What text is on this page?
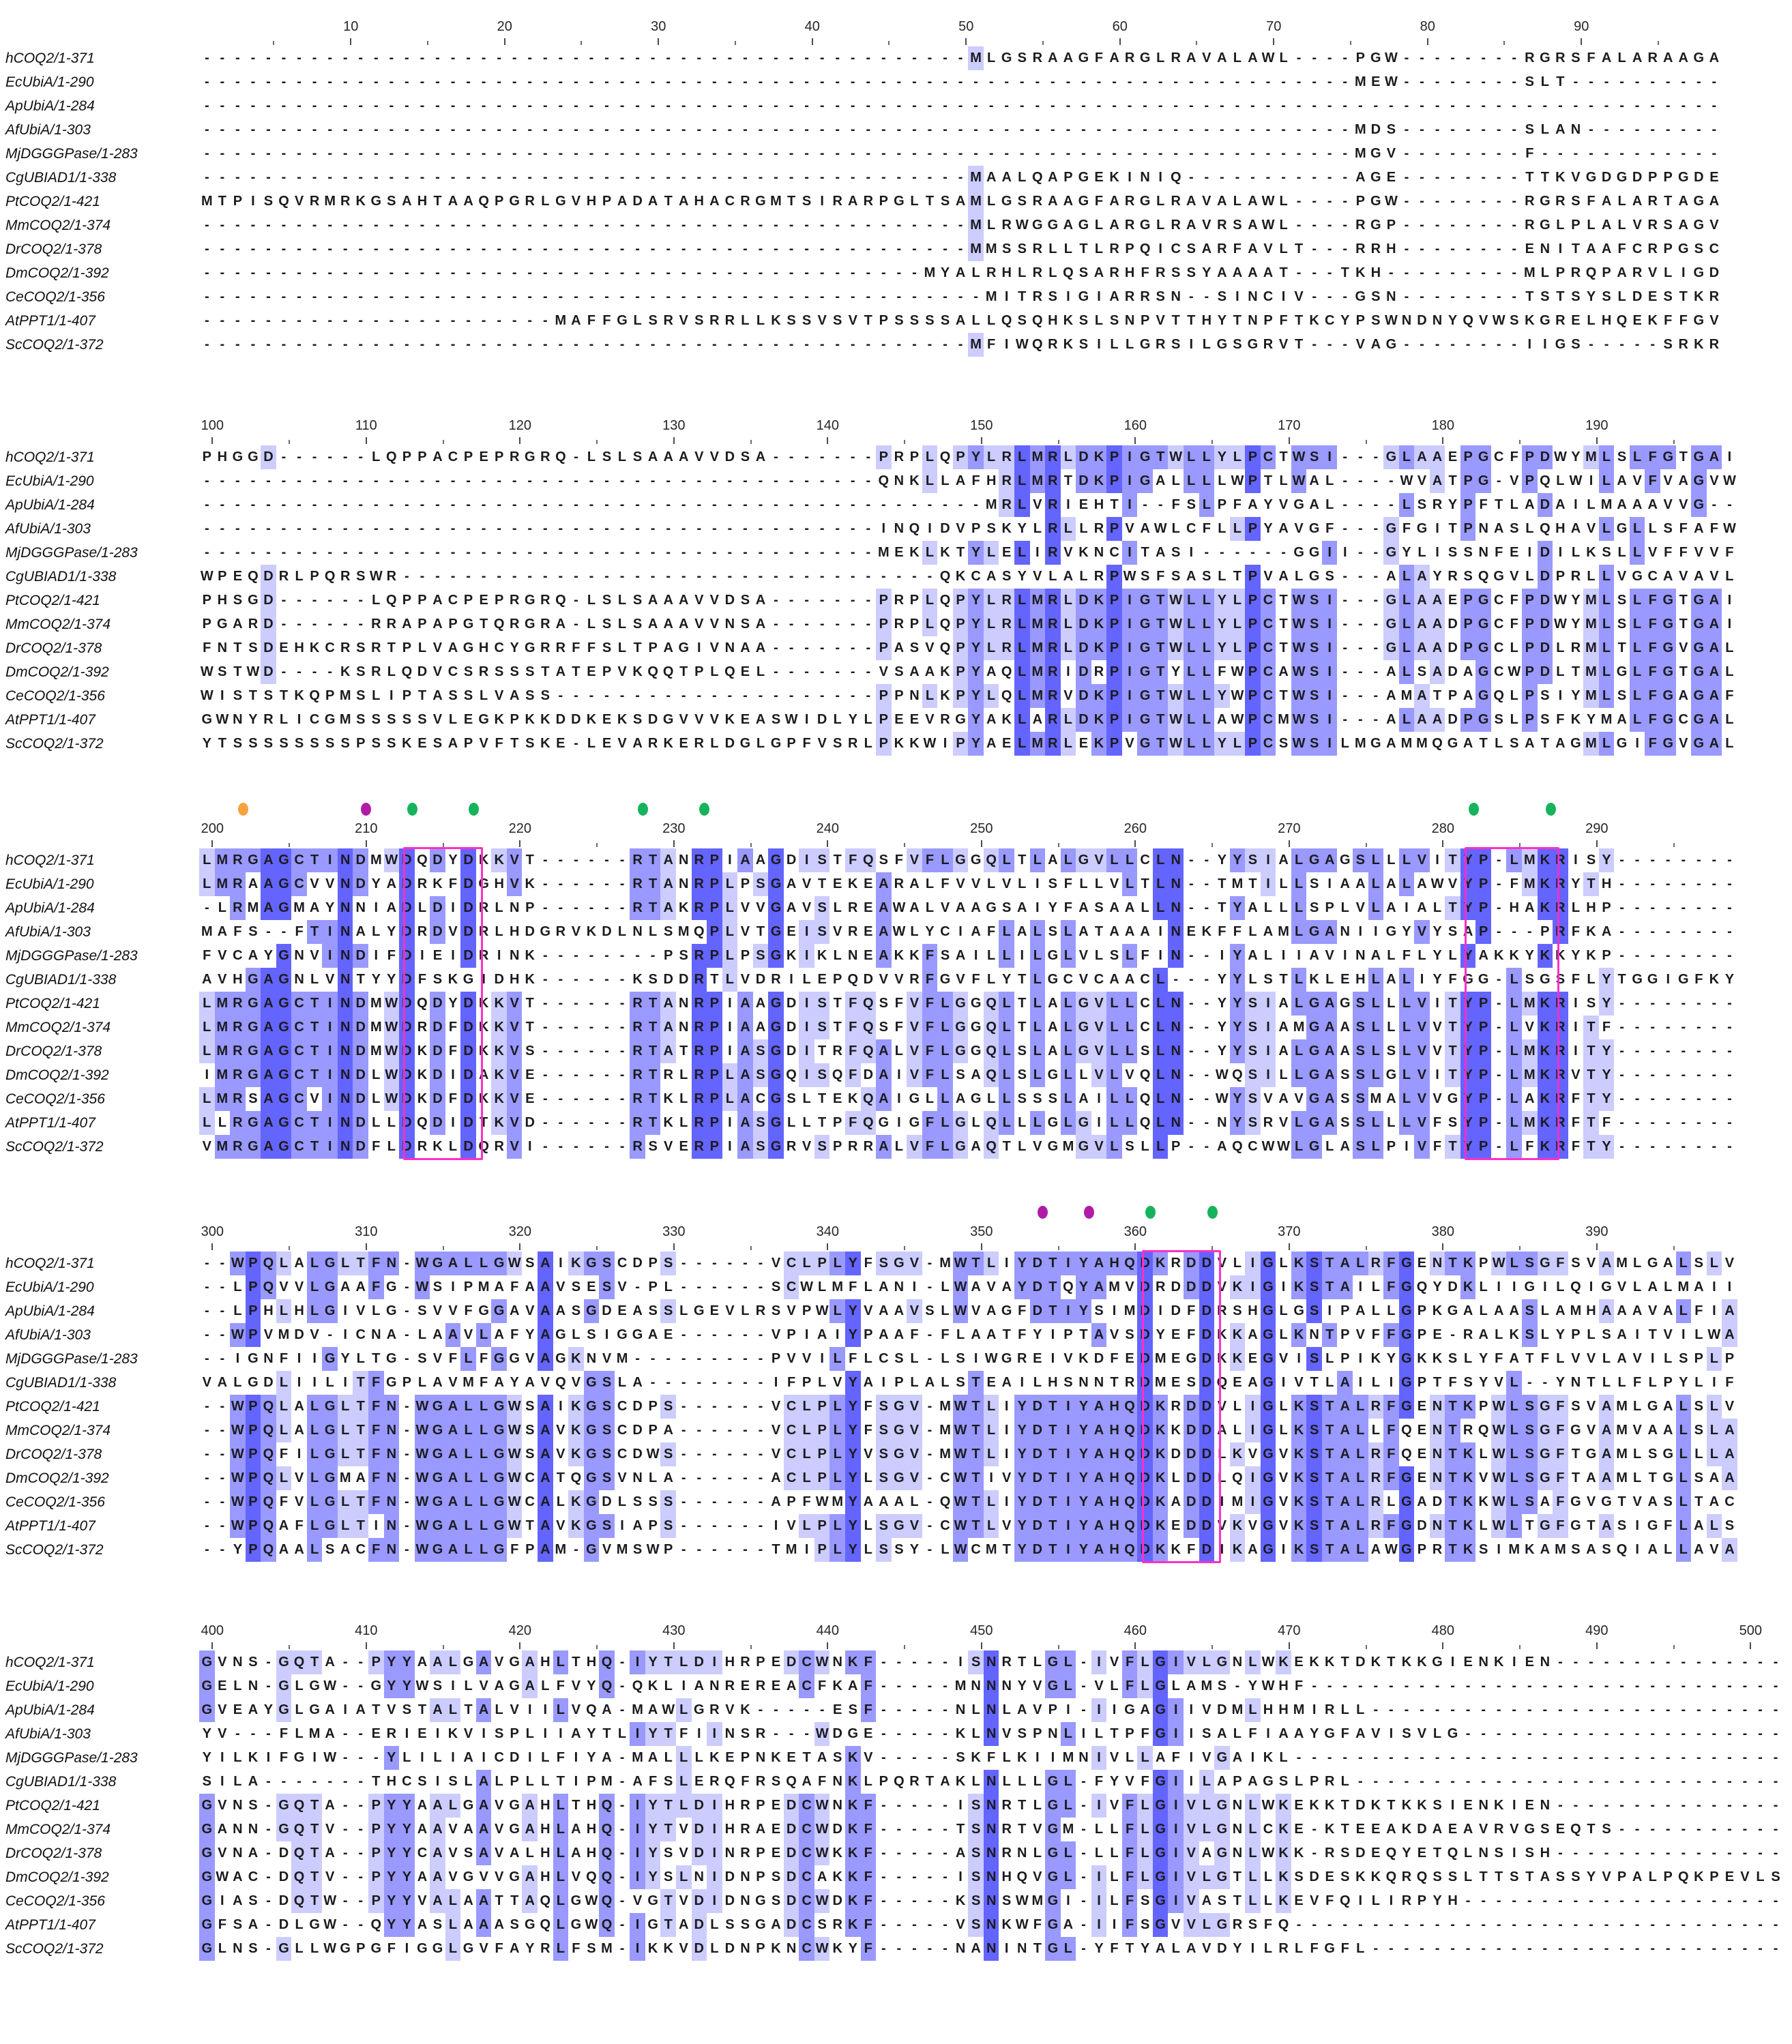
10	20	30	40	50	60	70	80	90
hCOQ2/1-371	- - - - - - - - - - - - - - - - - - - - - - - - - - - - - - - - - - - - - - - - - - - - - - - - - - M L G S R A A G F A R G L R A V A L A W L - - - - P G W - - - - - - - - R G R S F A L A R A A G A
EcUbiA/1-290	- - - - - - - - - - - - - - - - - - - - - - - - - - - - - - - - - - - - - - - - - - - - - - - - - - - - - - - - - - - - - - - - - - - - - - - - - - - M E W - - - - - - - - S L T - - - - - - - - - -
ApUbiA/1-284	- - - - - - - - - - - - - - - - - - - - - - - - - - - - - - - - - - - - - - - - - - - - - - - - - - - - - - - - - - - - - - - - - - - - - - - - - - - - - - - - - - - - - - - - - - - - - - - - - - -
AfUbiA/1-303	- - - - - - - - - - - - - - - - - - - - - - - - - - - - - - - - - - - - - - - - - - - - - - - - - - - - - - - - - - - - - - - - - - - - - - - - - - - M D S - - - - - - - - S L A N - - - - - - - - -
MjDGGGPase/1-283	- - - - - - - - - - - - - - - - - - - - - - - - - - - - - - - - - - - - - - - - - - - - - - - - - - - - - - - - - - - - - - - - - - - - - - - - - - - M G V - - - - - - - - F - - - - - - - - - - - -
CgUBIAD1/1-338	- - - - - - - - - - - - - - - - - - - - - - - - - - - - - - - - - - - - - - - - - - - - - - - - - - M A A L Q A P G E K I N I Q - - - - - - - - - - - A G E - - - - - - - - T T K V G D G D P P G D E
PtCOQ2/1-421	M T P I S Q V R M R K G S A H T A A Q P G R L G V H P A D A T A H A C R G M T S I R A R P G L T S A M L G S R A A G F A R G L R A V A L A W L - - - - P G W - - - - - - - - R G R S F A L A R T A G A
MmCOQ2/1-374	- - - - - - - - - - - - - - - - - - - - - - - - - - - - - - - - - - - - - - - - - - - - - - - - - - M L R W G G A G L A R G L R A V R S A W L - - - - R G P - - - - - - - - R G L P L A L V R S A G V
DrCOQ2/1-378	- - - - - - - - - - - - - - - - - - - - - - - - - - - - - - - - - - - - - - - - - - - - - - - - - - M M S S R L L T L R P Q I C S A R F A V L T - - - R R H - - - - - - - - E N I T A A F C R P G S C
DmCOQ2/1-392	- - - - - - - - - - - - - - - - - - - - - - - - - - - - - - - - - - - - - - - - - - - - - - - M Y A L R H L R L Q S A R H F R S S Y A A A A T - - - T K H - - - - - - - - - M L P R Q P A R V L I G D
CeCOQ2/1-356	- - - - - - - - - - - - - - - - - - - - - - - - - - - - - - - - - - - - - - - - - - - - - - - - - - - M I T R S I G I A R R S N - - S I N C I V - - - G S N - - - - - - - - T S T S Y S L D E S T K R
AtPPT1/1-407	- - - - - - - - - - - - - - - - - - - - - - - M A F F G L S R V S R R L L K S S V S V T P S S S S A L L Q S Q H K S L S N P V T T H Y T N P F T K C Y P S W N D N Y Q V W S K G R E L H Q E K F F G V
ScCOQ2/1-372	- - - - - - - - - - - - - - - - - - - - - - - - - - - - - - - - - - - - - - - - - - - - - - - - - - M F I W Q R K S I L L G R S I L G S G R V T - - - V A G - - - - - - - - I I G S - - - - - S R K R
100	110	120	130	140	150	160	170	180	190
hCOQ2/1-371	P H G G D - - - - - - L Q P P A C P E P R G R Q - L S L S A A A V V D S A - - - - - - - P R P L Q P Y L R L M R L D K P I G T W L L Y L P C T W S I - - - G L A A E P G C F P D W Y M L S L F G T G A I
EcUbiA/1-290	- - - - - - - - - - - - - - - - - - - - - - - - - - - - - - - - - - - - - - - - - - - - Q N K L L A F H R L M R T D K P I G A L L L L W P T L W A L - - - - W V A T P G - V P Q L W I L A V F V A G V W
ApUbiA/1-284	- - - - - - - - - - - - - - - - - - - - - - - - - - - - - - - - - - - - - - - - - - - - - - - - - - - M R L V R I E H T I - - F S L P F A Y V G A L - - - - L S R Y P F T L A D A I L M A A A V V G - -
AfUbiA/1-303	- - - - - - - - - - - - - - - - - - - - - - - - - - - - - - - - - - - - - - - - - - - - I N Q I D V P S K Y L R L L R P V A W L C F L L P Y A V G F - - - G F G I T P N A S L Q H A V L G L L S F A F W
MjDGGGPase/1-283	- - - - - - - - - - - - - - - - - - - - - - - - - - - - - - - - - - - - - - - - - - - - M E K L K T Y L E L I R V K N C I T A S I - - - - - - G G I I - - G Y L I S S N F E I D I L K S L L V F F V V F
CgUBIAD1/1-338	W P E Q D R L P Q R S W R - - - - - - - - - - - - - - - - - - - - - - - - - - - - - - - - - - - Q K C A S Y V L A L R P W S F S A S L T P V A L G S - - - A L A Y R S Q G V L D P R L L V G C A V A V L
PtCOQ2/1-421	P H S G D - - - - - - L Q P P A C P E P R G R Q - L S L S A A A V V D S A - - - - - - - P R P L Q P Y L R L M R L D K P I G T W L L Y L P C T W S I - - - G L A A E P G C F P D W Y M L S L F G T G A I
MmCOQ2/1-374	P G A R D - - - - - - R R A P A P G T Q R G R A - L S L S A A A V V N S A - - - - - - - P R P L Q P Y L R L M R L D K P I G T W L L Y L P C T W S I - - - G L A A D P G C F P D W Y M L S L F G T G A I
DrCOQ2/1-378	F N T S D E H K C R S R T P L V A G H C Y G R R F F S L T P A G I V N A A - - - - - - - P A S V Q P Y L R L M R L D K P I G T W L L Y L P C T W S I - - - G L A A D P G C L P D L R M L T L F G V G A L
DmCOQ2/1-392	W S T W D - - - - K S R L Q D V C S R S S S T A T E P V K Q Q T P L Q E L - - - - - - - V S A A K P Y A Q L M R I D R P I G T Y L L F W P C A W S I - - - A L S A D A G C W P D L T M L G L F G T G A L
CeCOQ2/1-356	W I S T S T K Q P M S L I P T A S S L V A S S - - - - - - - - - - - - - - - - - - - - - P P N L K P Y L Q L M R V D K P I G T W L L Y W P C T W S I - - - A M A T P A G Q L P S I Y M L S L F G A G A F
AtPPT1/1-407	G W N Y R L I C G M S S S S S V L E G K P K K D D K E K S D G V V V K E A S W I D L Y L P E E V R G Y A K L A R L D K P I G T W L L A W P C M W S I - - - A L A A D P G S L P S F K Y M A L F G C G A L
ScCOQ2/1-372	Y T S S S S S S S S P S S K E S A P V F T S K E - L E V A R K E R L D G L G P F V S R L P K K W I P Y A E L M R L E K P V G T W L L Y L P C S W S I L M G A M M Q G A T L S A T A G M L G I F G V G A L
200	210	220	230	240	250	260	270	280	290
hCOQ2/1-371	L M R G A G C T I N D M W D Q D Y D K K V T - - - - - - R T A N R P I A A G D I S T F Q S F V F L G G Q L T L A L G V L L C L N - - Y Y S I A L G A G S L L L V I T Y P - L M K R I S Y - - - - - - - -
EcUbiA/1-290	L M R A A G C V V N D Y A D R K F D G H V K - - - - - - R T A N R P L P S G A V T E K E A R A L F V V L V L I S F L L V L T L N - - T M T I L L S I A A L A L A W V Y P - F M K R Y T H - - - - - - - -
ApUbiA/1-284	- L R M A G M A Y N N I A D L D I D R L N P - - - - - - R T A K R P L V V G A V S L R E A W A L V A A G S A I Y F A S A A L L N - - T Y A L L L S P L V L A I A L T Y P - H A K R L H P - - - - - - - -
AfUbiA/1-303	M A F S - - F T I N A L Y D R D V D R L H D G R V K D L N L S M Q P L V T G E I S V R E A W L Y C I A F L A L S L A T A A A I N E K F F L A M L G A N I I G Y V Y S A P - - - P R F K A - - - - - - - -
MjDGGGPase/1-283	F V C A Y G N V I N D I F D I E I D R I N K - - - - - - - - P S R P L P S G K I K L N E A K K F S A I L L I L G L V L S L F I N - - I Y A L I I A V I N A L F L Y L Y A K K Y K K Y K P - - - - - - - -
CgUBIAD1/1-338	A V H G A G N L V N T Y Y D F S K G I D H K - - - - - - K S D D R T L V D R I L E P Q D V V R F G V F L Y T L G C V C A A C L - - - Y Y L S T L K L E H L A L I Y F G G - L S G S F L Y T G G I G F K Y
PtCOQ2/1-421	L M R G A G C T I N D M W D Q D Y D K K V T - - - - - - R T A N R P I A A G D I S T F Q S F V F L G G Q L T L A L G V L L C L N - - Y Y S I A L G A G S L L L V I T Y P - L M K R I S Y - - - - - - - -
MmCOQ2/1-374	L M R G A G C T I N D M W D R D F D K K V T - - - - - - R T A N R P I A A G D I S T F Q S F V F L G G Q L T L A L G V L L C L N - - Y Y S I A M G A A S L L L V V T Y P - L V K R I T F - - - - - - - -
DrCOQ2/1-378	L M R G A G C T I N D M W D K D F D K K V S - - - - - - R T A T R P I A S G D I T R F Q A L V F L G G Q L S L A L G V L L S L N - - Y Y S I A L G A A S L S L V V T Y P - L M K R I T Y - - - - - - - -
DmCOQ2/1-392	I M R G A G C T I N D L W D K D I D A K V E - - - - - - R T R L R P L A S G Q I S Q F D A I V F L S A Q L S L G L L V L V Q L N - - W Q S I L L G A S S L G L V I T Y P - L M K R V T Y - - - - - - - -
CeCOQ2/1-356	L M R S A G C V I N D L W D K D F D K K V E - - - - - - R T K L R P L A C G S L T E K Q A I G L L A G L L S S S L A I L L Q L N - - W Y S V A V G A S S M A L V V G Y P - L A K R F T Y - - - - - - - -
AtPPT1/1-407	L L R G A G C T I N D L L D Q D I D T K V D - - - - - - R T K L R P I A S G L L T P F Q G I G F L G L Q L L L G L G I L L Q L N - - N Y S R V L G A S S L L L V F S Y P - L M K R F T F - - - - - - - -
ScCOQ2/1-372	V M R G A G C T I N D F L D R K L D Q R V I - - - - - - R S V E R P I A S G R V S P R R A L V F L G A Q T L V G M G V L S L L P - - A Q C W W L G L A S L P I V F T Y P - L F K R F T Y - - - - - - - -
300	310	320	330	340	350	360	370	380	390
hCOQ2/1-371	- - W P Q L A L G L T F N - W G A L L G W S A I K G S C D P S - - - - - - V C L P L Y F S G V - M W T L I Y D T I Y A H Q D K R D D V L I G L K S T A L R F G E N T K P W L S G F S V A M L G A L S L V
EcUbiA/1-290	- - L P Q V V L G A A F G - W S I P M A F A A V S E S V - P L - - - - - - S C W L M F L A N I - L W A V A Y D T Q Y A M V D R D D D V K I G I K S T A I L F G Q Y D K L I I G I L Q I G V L A L M A I I
ApUbiA/1-284	- - L P H L H L G I V L G - S V V F G G A V A A S G D E A S S L G E V L R S V P W L Y V A A V S L W V A G F D T I Y S I M D I D F D R S H G L G S I P A L L G P K G A L A A S L A M H A A A V A L F I A
AfUbiA/1-303	- - W P V M D V - I C N A - L A A V L A F Y A G L S I G G A E - - - - - - V P I A I Y P A A F - F L A A T F Y I P T A V S D Y E F D K K A G L K N T P V F F G P E - R A L K S L Y P L S A I T V I L W A
MjDGGGPase/1-283	- - I G N F I I G Y L T G - S V F L F G G V A G K N V M - - - - - - - - - P V V I L F L C S L - L S I W G R E I V K D F E D M E G D K K E G V I S L P I K Y G K K S L Y F A T F L V V L A V I L S P L P
CgUBIAD1/1-338	V A L G D L I I L I T F G P L A V M F A Y A V Q V G S L A - - - - - - - - I F P L V Y A I P L A L S T E A I L H S N N T R D M E S D Q E A G I V T L A I L I G P T F S Y V L - - Y N T L L F L P Y L I F
PtCOQ2/1-421	- - W P Q L A L G L T F N - W G A L L G W S A I K G S C D P S - - - - - - V C L P L Y F S G V - M W T L I Y D T I Y A H Q D K R D D V L I G L K S T A L R F G E N T K P W L S G F S V A M L G A L S L V
MmCOQ2/1-374	- - W P Q L A L G L T F N - W G A L L G W S A V K G S C D P A - - - - - - V C L P L Y F S G V - M W T L I Y D T I Y A H Q D K K D D A L I G L K S T A L L F Q E N T R Q W L S G F G V A M V A A L S L A
DrCOQ2/1-378	- - W P Q F I L G L T F N - W G A L L G W S A V K G S C D W S - - - - - - V C L P L Y V S G V - M W T L I Y D T I Y A H Q D K D D D L K V G V K S T A L R F Q E N T K L W L S G F T G A M L S G L L L A
DmCOQ2/1-392	- - W P Q L V L G M A F N - W G A L L G W C A T Q G S V N L A - - - - - - A C L P L Y L S G V - C W T I V Y D T I Y A H Q D K L D D L Q I G V K S T A L R F G E N T K V W L S G F T A A M L T G L S A A
CeCOQ2/1-356	- - W P Q F V L G L T F N - W G A L L G W C A L K G D L S S S - - - - - - A P F W M Y A A A L - Q W T L I Y D T I Y A H Q D K A D D I M I G V K S T A L R L G A D T K K W L S A F G V G T V A S L T A C
AtPPT1/1-407	- - W P Q A F L G L T I N - W G A L L G W T A V K G S I A P S - - - - - - I V L P L Y L S G V - C W T L V Y D T I Y A H Q D K E D D V K V G V K S T A L R F G D N T K L W L T G F G T A S I G F L A L S
ScCOQ2/1-372	- - Y P Q A A L S A C F N - W G A L L G F P A M - G V M S W P - - - - - - T M I P L Y L S S Y - L W C M T Y D T I Y A H Q D K K F D I K A G I K S T A L A W G P R T K S I M K A M S A S Q I A L L A V A
400	410	420	430	440	450	460	470	480	490	500
hCOQ2/1-371	G V N S - G Q T A - - P Y Y A A L G A V G A H L T H Q - I Y T L D I H R P E D C W N K F - - - - - I S N R T L G L - I V F L G I V L G N L W K E K K T D K T K K G I E N K I E N - - - - - - - - - - - - - - -
EcUbiA/1-290	G E L N - G L G W - - G Y Y W S I L V A G A L F V Y Q - Q K L I A N R E R E A C F K A F - - - - - M N N N Y V G L - V L F L G L A M S - Y W H F - - - - - - - - - - - - - - - - - - - - - - - - - - - - - - -
ApUbiA/1-284	G V E A Y G L G A I A T V S T A L T A L V I I L V Q A - M A W L G R V K - - - - - E S F - - - - - N L N L A V P I - I I G A G I I V D M L H H M I R L L - - - - - - - - - - - - - - - - - - - - - - - - - - -
AfUbiA/1-303	Y V - - - F L M A - - E R I E I K V I S P L I I A Y T L I Y T F I I N S R - - - W D G E - - - - - K L N V S P N L I L T P F G I I S A L F I A A Y G F A V I S V L G - - - - - - - - - - - - - - - - - - - - -
MjDGGGPase/1-283	Y I L K I F G I W - - - Y L I L I A I C D I L F I Y A - M A L L L K E P N K E T A S K V - - - - - S K F L K I I M N I V L L A F I V G A I K L - - - - - - - - - - - - - - - - - - - - - - - - - - - - - - - -
CgUBIAD1/1-338	S I L A - - - - - - - T H C S I S L A L P L L T I P M - A F S L E R Q F R S Q A F N K L P Q R T A K L N L L L G L - F Y V F G I I L A P A G S L P R L - - - - - - - - - - - - - - - - - - - - - - - - - - - -
PtCOQ2/1-421	G V N S - G Q T A - - P Y Y A A L G A V G A H L T H Q - I Y T L D I H R P E D C W N K F - - - - - I S N R T L G L - I V F L G I V L G N L W K E K K T D K T K K S I E N K I E N - - - - - - - - - - - - - - -
MmCOQ2/1-374	G A N N - G Q T V - - P Y Y A A V A A V G A H L A H Q - I Y T V D I H R A E D C W D K F - - - - - T S N R T V G M - L L F L G I V L G N L C K E - K T E E A K D A E A V R V G S E Q T S - - - - - - - - - - -
DrCOQ2/1-378	G V N A - D Q T A - - P Y Y C A V S A V A L H L A H Q - I Y S V D I N R P E D C W K K F - - - - - A S N R N L G L - L L F L G I V A G N L W K K - R S D E Q Y E T Q L N S I S H - - - - - - - - - - - - - - -
DmCOQ2/1-392	G W A C - D Q T V - - P Y Y A A V G V V G A H L V Q Q - I Y S L N I D N P S D C A K K F - - - - - I S N H Q V G L - I L F L G I V L G T L L K S D E S K K Q R Q S S L T T S T A S S Y V P A L P Q K P E V L S
CeCOQ2/1-356	G I A S - D Q T W - - P Y Y V A L A A T T A Q L G W Q - V G T V D I D N G S D C W D K F - - - - - K S N S W M G I - I L F S G I V A S T L L K E V F Q I L I R P Y H - - - - - - - - - - - - - - - - - - - - -
AtPPT1/1-407	G F S A - D L G W - - Q Y Y A S L A A A S G Q L G W Q - I G T A D L S S G A D C S R K F - - - - - V S N K W F G A - I I F S G V V L G R S F Q - - - - - - - - - - - - - - - - - - - - - - - - - - - - - - - -
ScCOQ2/1-372	G L N S - G L L W G P G F I G G L G V F A Y R L F S M - I K K V D L D N P K N C W K Y F - - - - - N A N I N T G L - Y F T Y A L A V D Y I L R L F G F L - - - - - - - - - - - - - - - - - - - - - - - - - - -
